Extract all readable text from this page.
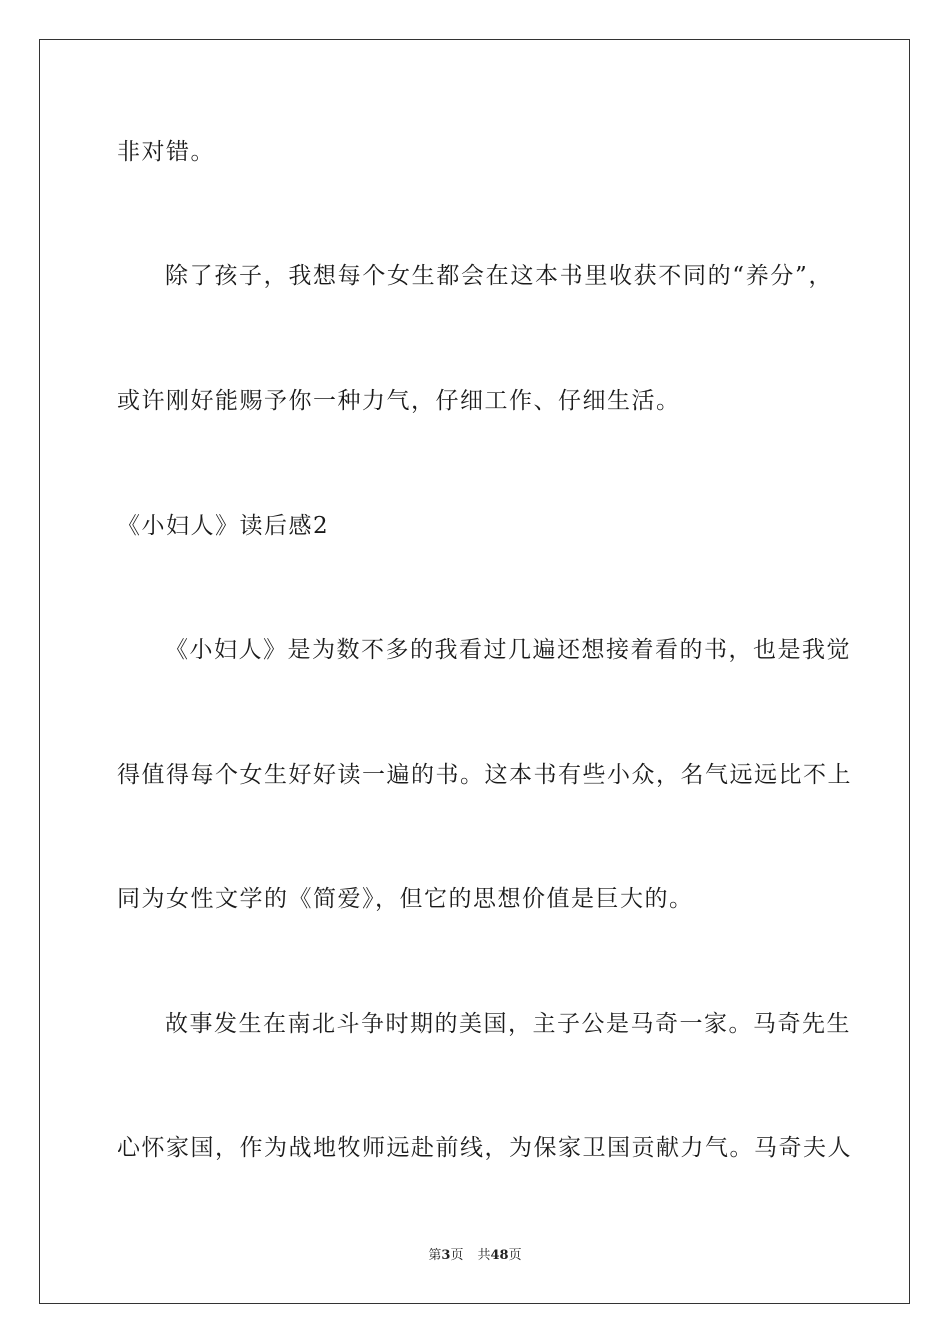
非对错。
除了孩子，我想每个女生都会在这本书里收获不同的“养分”，
或许刚好能赐予你一种力气，仔细工作、仔细生活。
《小妇人》读后感2
《小妇人》是为数不多的我看过几遍还想接着看的书，也是我觉
得值得每个女生好好读一遍的书。这本书有些小众，名气远远比不上
同为女性文学的《简爱》，但它的思想价值是巨大的。
故事发生在南北斗争时期的美国，主子公是马奇一家。马奇先生
心怀家国，作为战地牧师远赴前线，为保家卫国贡献力气。马奇夫人
第3页 共48页
